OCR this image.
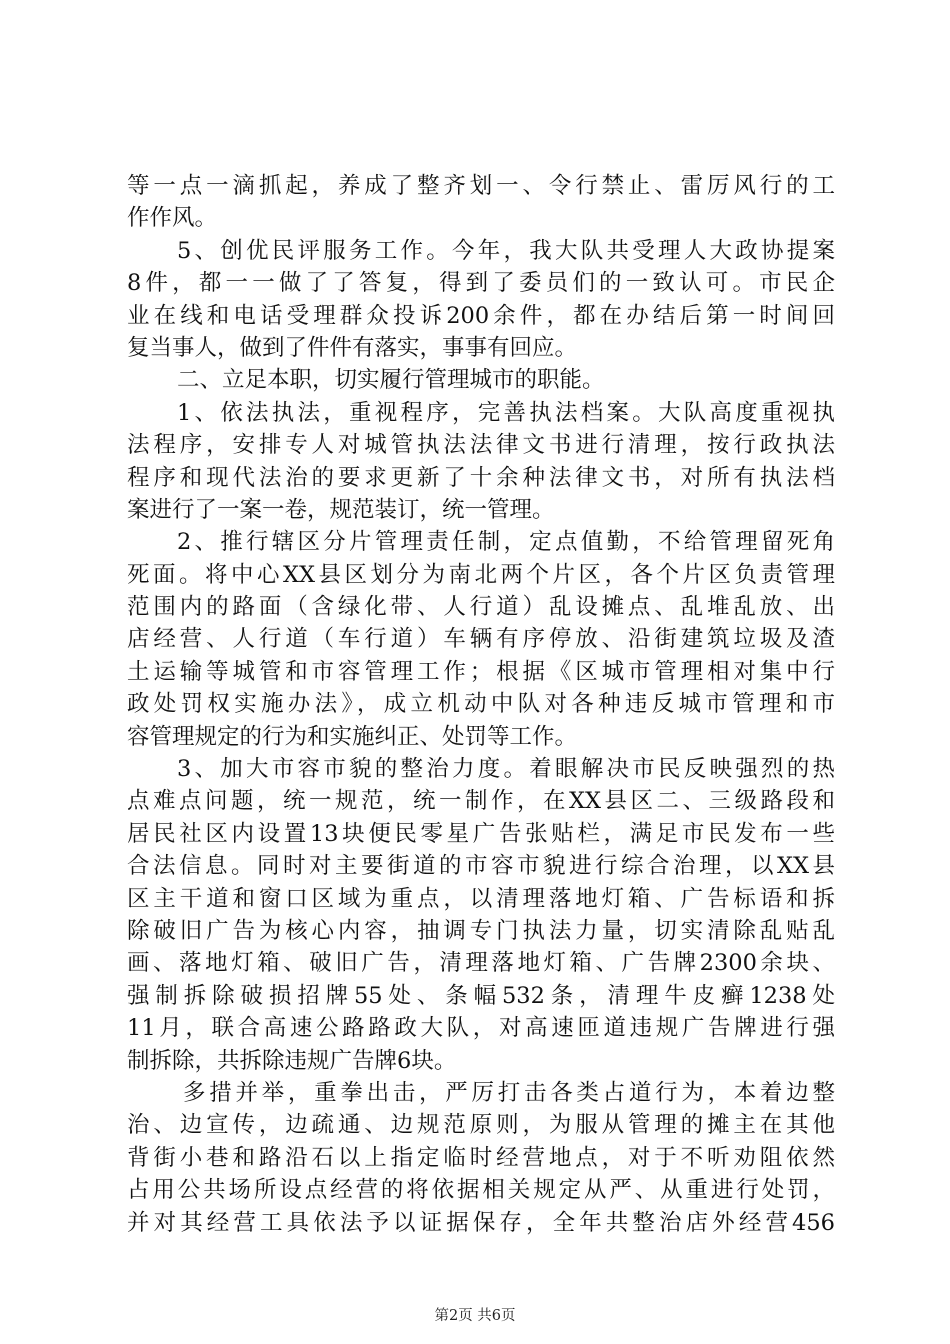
等一点一滴抓起，养成了整齐划一、令行禁止、雷厉风行的工
作作风。
5、创优民评服务工作。今年，我大队共受理人大政协提案
8件，都一一做了了答复，得到了委员们的一致认可。市民企
业在线和电话受理群众投诉200余件，都在办结后第一时间回
复当事人，做到了件件有落实，事事有回应。
二、立足本职，切实履行管理城市的职能。
1、依法执法，重视程序，完善执法档案。大队高度重视执
法程序，安排专人对城管执法法律文书进行清理，按行政执法
程序和现代法治的要求更新了十余种法律文书，对所有执法档
案进行了一案一卷，规范装订，统一管理。
2、推行辖区分片管理责任制，定点值勤，不给管理留死角
死面。将中心XX县区划分为南北两个片区，各个片区负责管理
范围内的路面（含绿化带、人行道）乱设摊点、乱堆乱放、出
店经营、人行道（车行道）车辆有序停放、沿街建筑垃圾及渣
土运输等城管和市容管理工作；根据《区城市管理相对集中行
政处罚权实施办法》，成立机动中队对各种违反城市管理和市
容管理规定的行为和实施纠正、处罚等工作。
3、加大市容市貌的整治力度。着眼解决市民反映强烈的热
点难点问题，统一规范，统一制作，在XX县区二、三级路段和
居民社区内设置13块便民零星广告张贴栏，满足市民发布一些
合法信息。同时对主要街道的市容市貌进行综合治理，以XX县
区主干道和窗口区域为重点，以清理落地灯箱、广告标语和拆
除破旧广告为核心内容，抽调专门执法力量，切实清除乱贴乱
画、落地灯箱、破旧广告，清理落地灯箱、广告牌2300余块、
强制拆除破损招牌55处、条幅532条，清理牛皮癣1238处
11月，联合高速公路路政大队，对高速匝道违规广告牌进行强
制拆除，共拆除违规广告牌6块。
多措并举，重拳出击，严厉打击各类占道行为，本着边整
治、边宣传，边疏通、边规范原则，为服从管理的摊主在其他
背街小巷和路沿石以上指定临时经营地点，对于不听劝阻依然
占用公共场所设点经营的将依据相关规定从严、从重进行处罚，
并对其经营工具依法予以证据保存，全年共整治店外经营456
第2页 共6页
